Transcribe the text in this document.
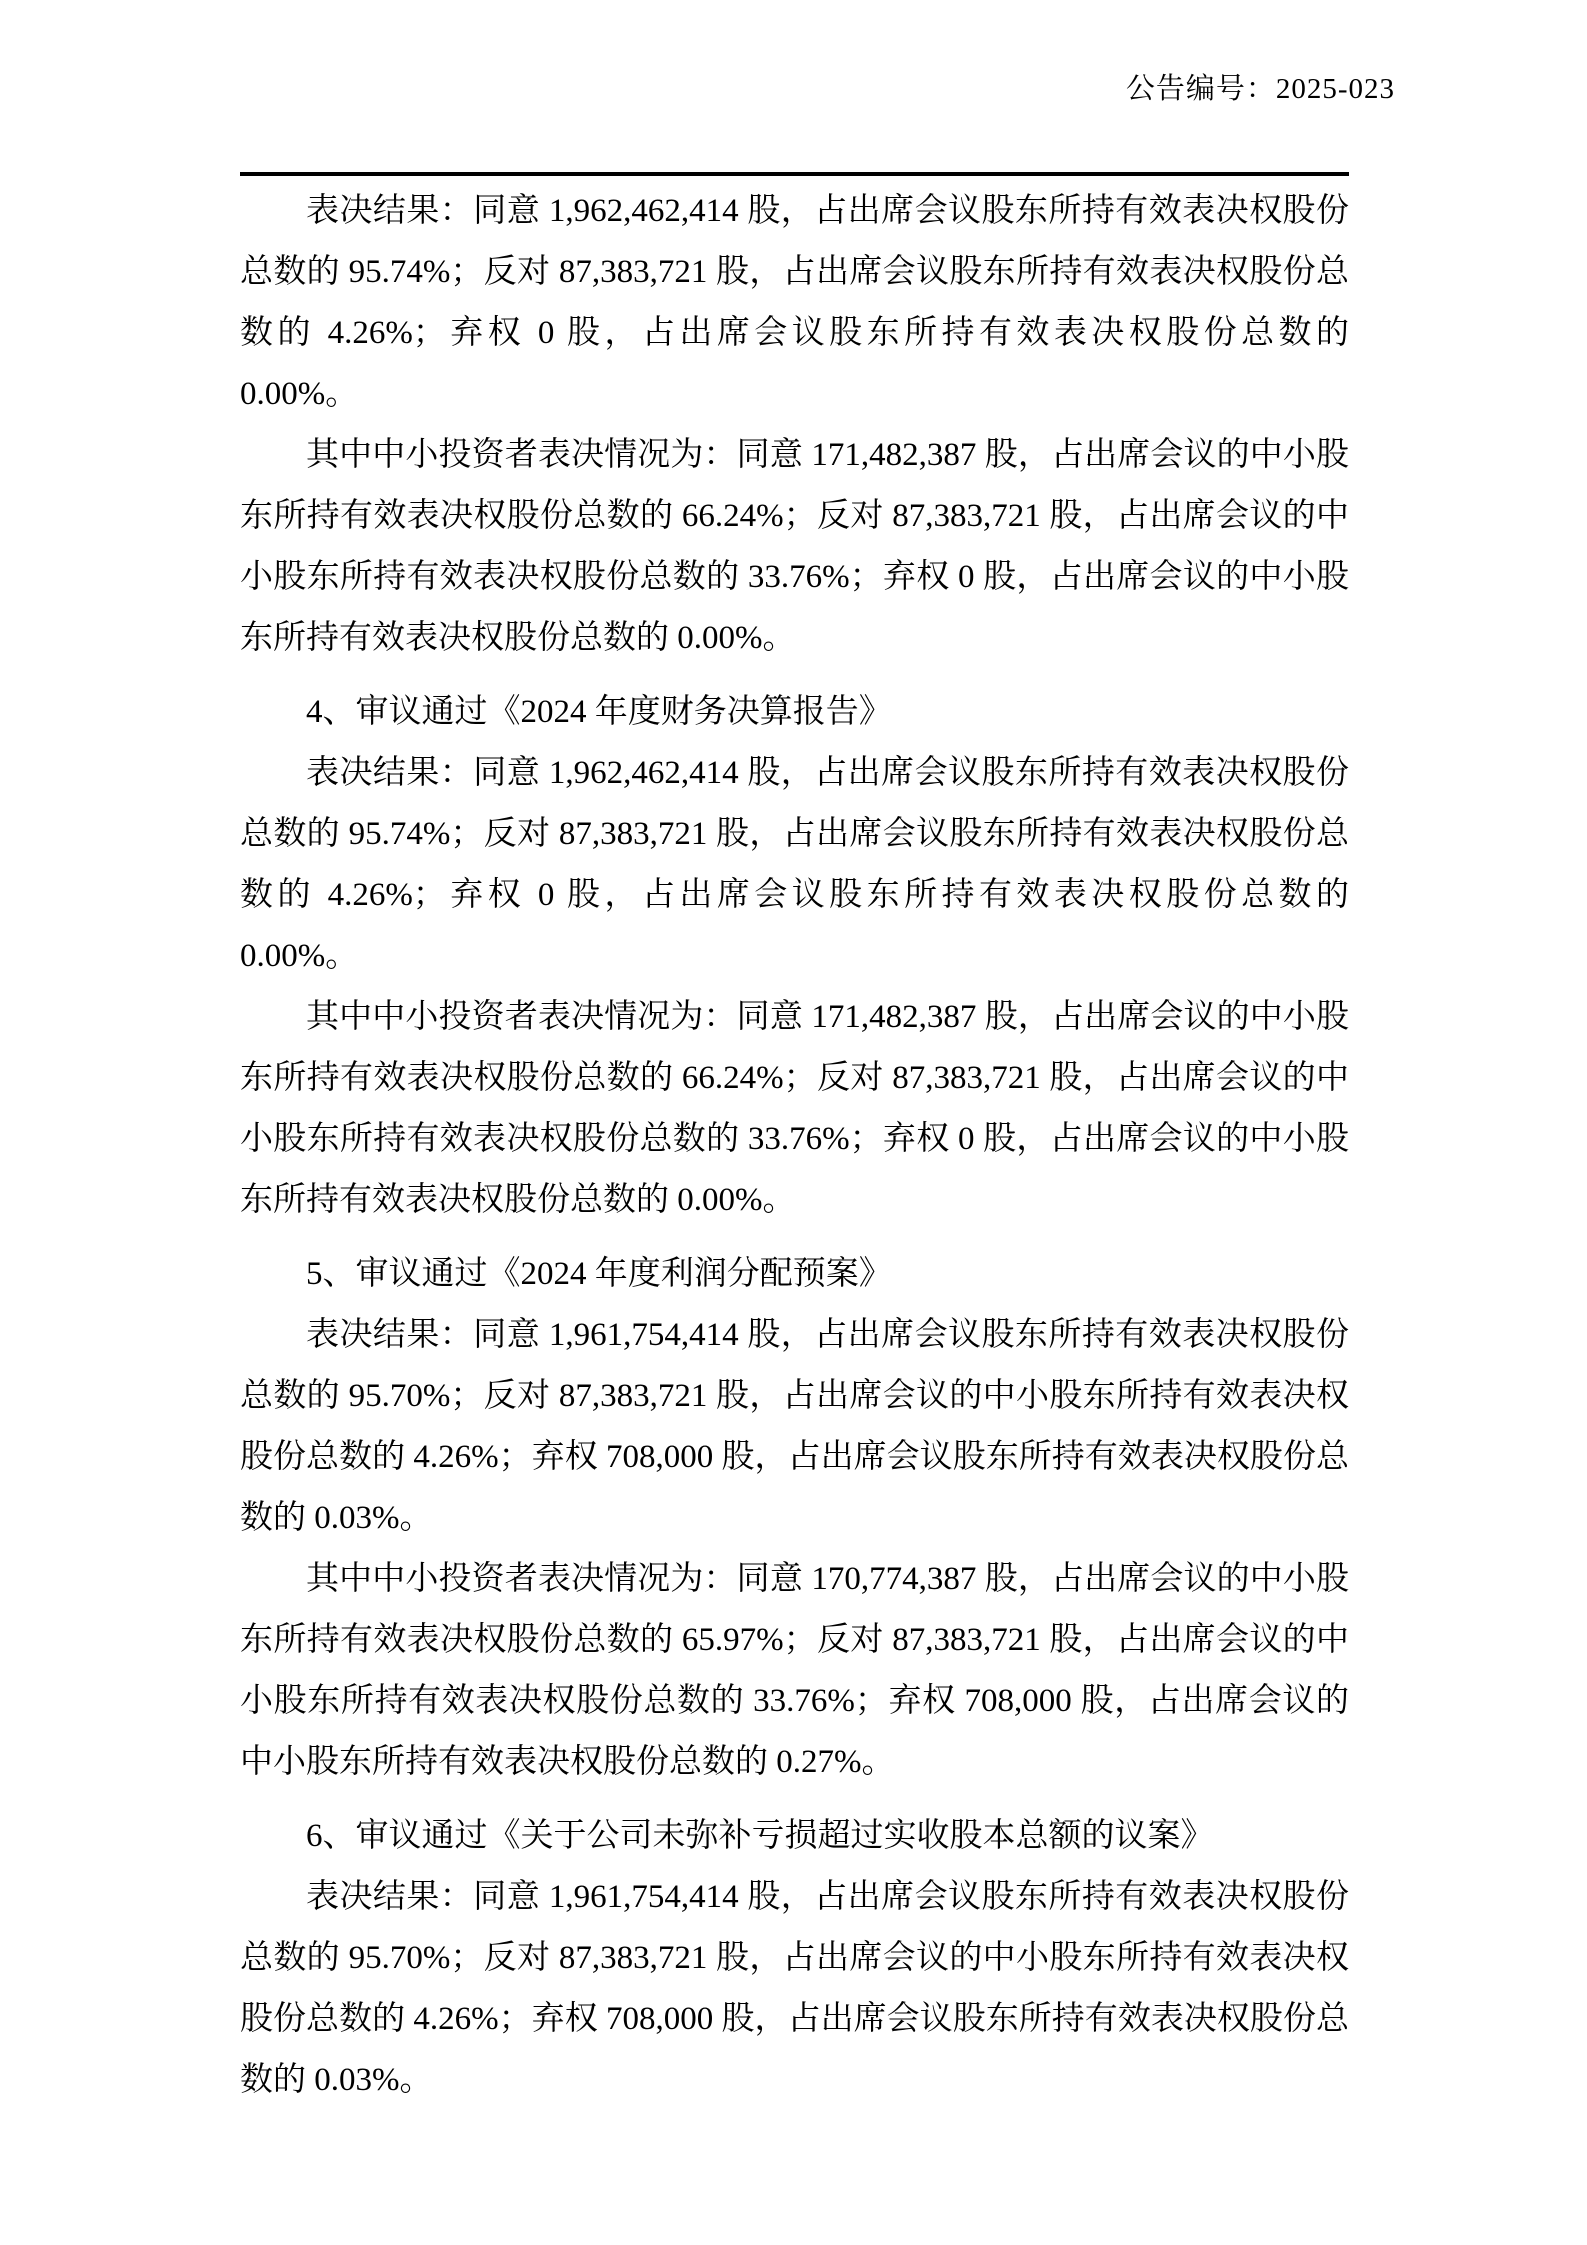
公告编号：2025-023

表决结果：同意 1,962,462,414 股，占出席会议股东所持有效表决权股份总数的 95.74%；反对 87,383,721 股，占出席会议股东所持有效表决权股份总数的 4.26%；弃权 0 股，占出席会议股东所持有效表决权股份总数的 0.00%。

其中中小投资者表决情况为：同意 171,482,387 股，占出席会议的中小股东所持有效表决权股份总数的 66.24%；反对 87,383,721 股，占出席会议的中小股东所持有效表决权股份总数的 33.76%；弃权 0 股，占出席会议的中小股东所持有效表决权股份总数的 0.00%。

4、审议通过《2024 年度财务决算报告》

表决结果：同意 1,962,462,414 股，占出席会议股东所持有效表决权股份总数的 95.74%；反对 87,383,721 股，占出席会议股东所持有效表决权股份总数的 4.26%；弃权 0 股，占出席会议股东所持有效表决权股份总数的 0.00%。

其中中小投资者表决情况为：同意 171,482,387 股，占出席会议的中小股东所持有效表决权股份总数的 66.24%；反对 87,383,721 股，占出席会议的中小股东所持有效表决权股份总数的 33.76%；弃权 0 股，占出席会议的中小股东所持有效表决权股份总数的 0.00%。

5、审议通过《2024 年度利润分配预案》

表决结果：同意 1,961,754,414 股，占出席会议股东所持有效表决权股份总数的 95.70%；反对 87,383,721 股，占出席会议的中小股东所持有效表决权股份总数的 4.26%；弃权 708,000 股，占出席会议股东所持有效表决权股份总数的 0.03%。

其中中小投资者表决情况为：同意 170,774,387 股，占出席会议的中小股东所持有效表决权股份总数的 65.97%；反对 87,383,721 股，占出席会议的中小股东所持有效表决权股份总数的 33.76%；弃权 708,000 股，占出席会议的中小股东所持有效表决权股份总数的 0.27%。

6、审议通过《关于公司未弥补亏损超过实收股本总额的议案》

表决结果：同意 1,961,754,414 股，占出席会议股东所持有效表决权股份总数的 95.70%；反对 87,383,721 股，占出席会议的中小股东所持有效表决权股份总数的 4.26%；弃权 708,000 股，占出席会议股东所持有效表决权股份总数的 0.03%。
